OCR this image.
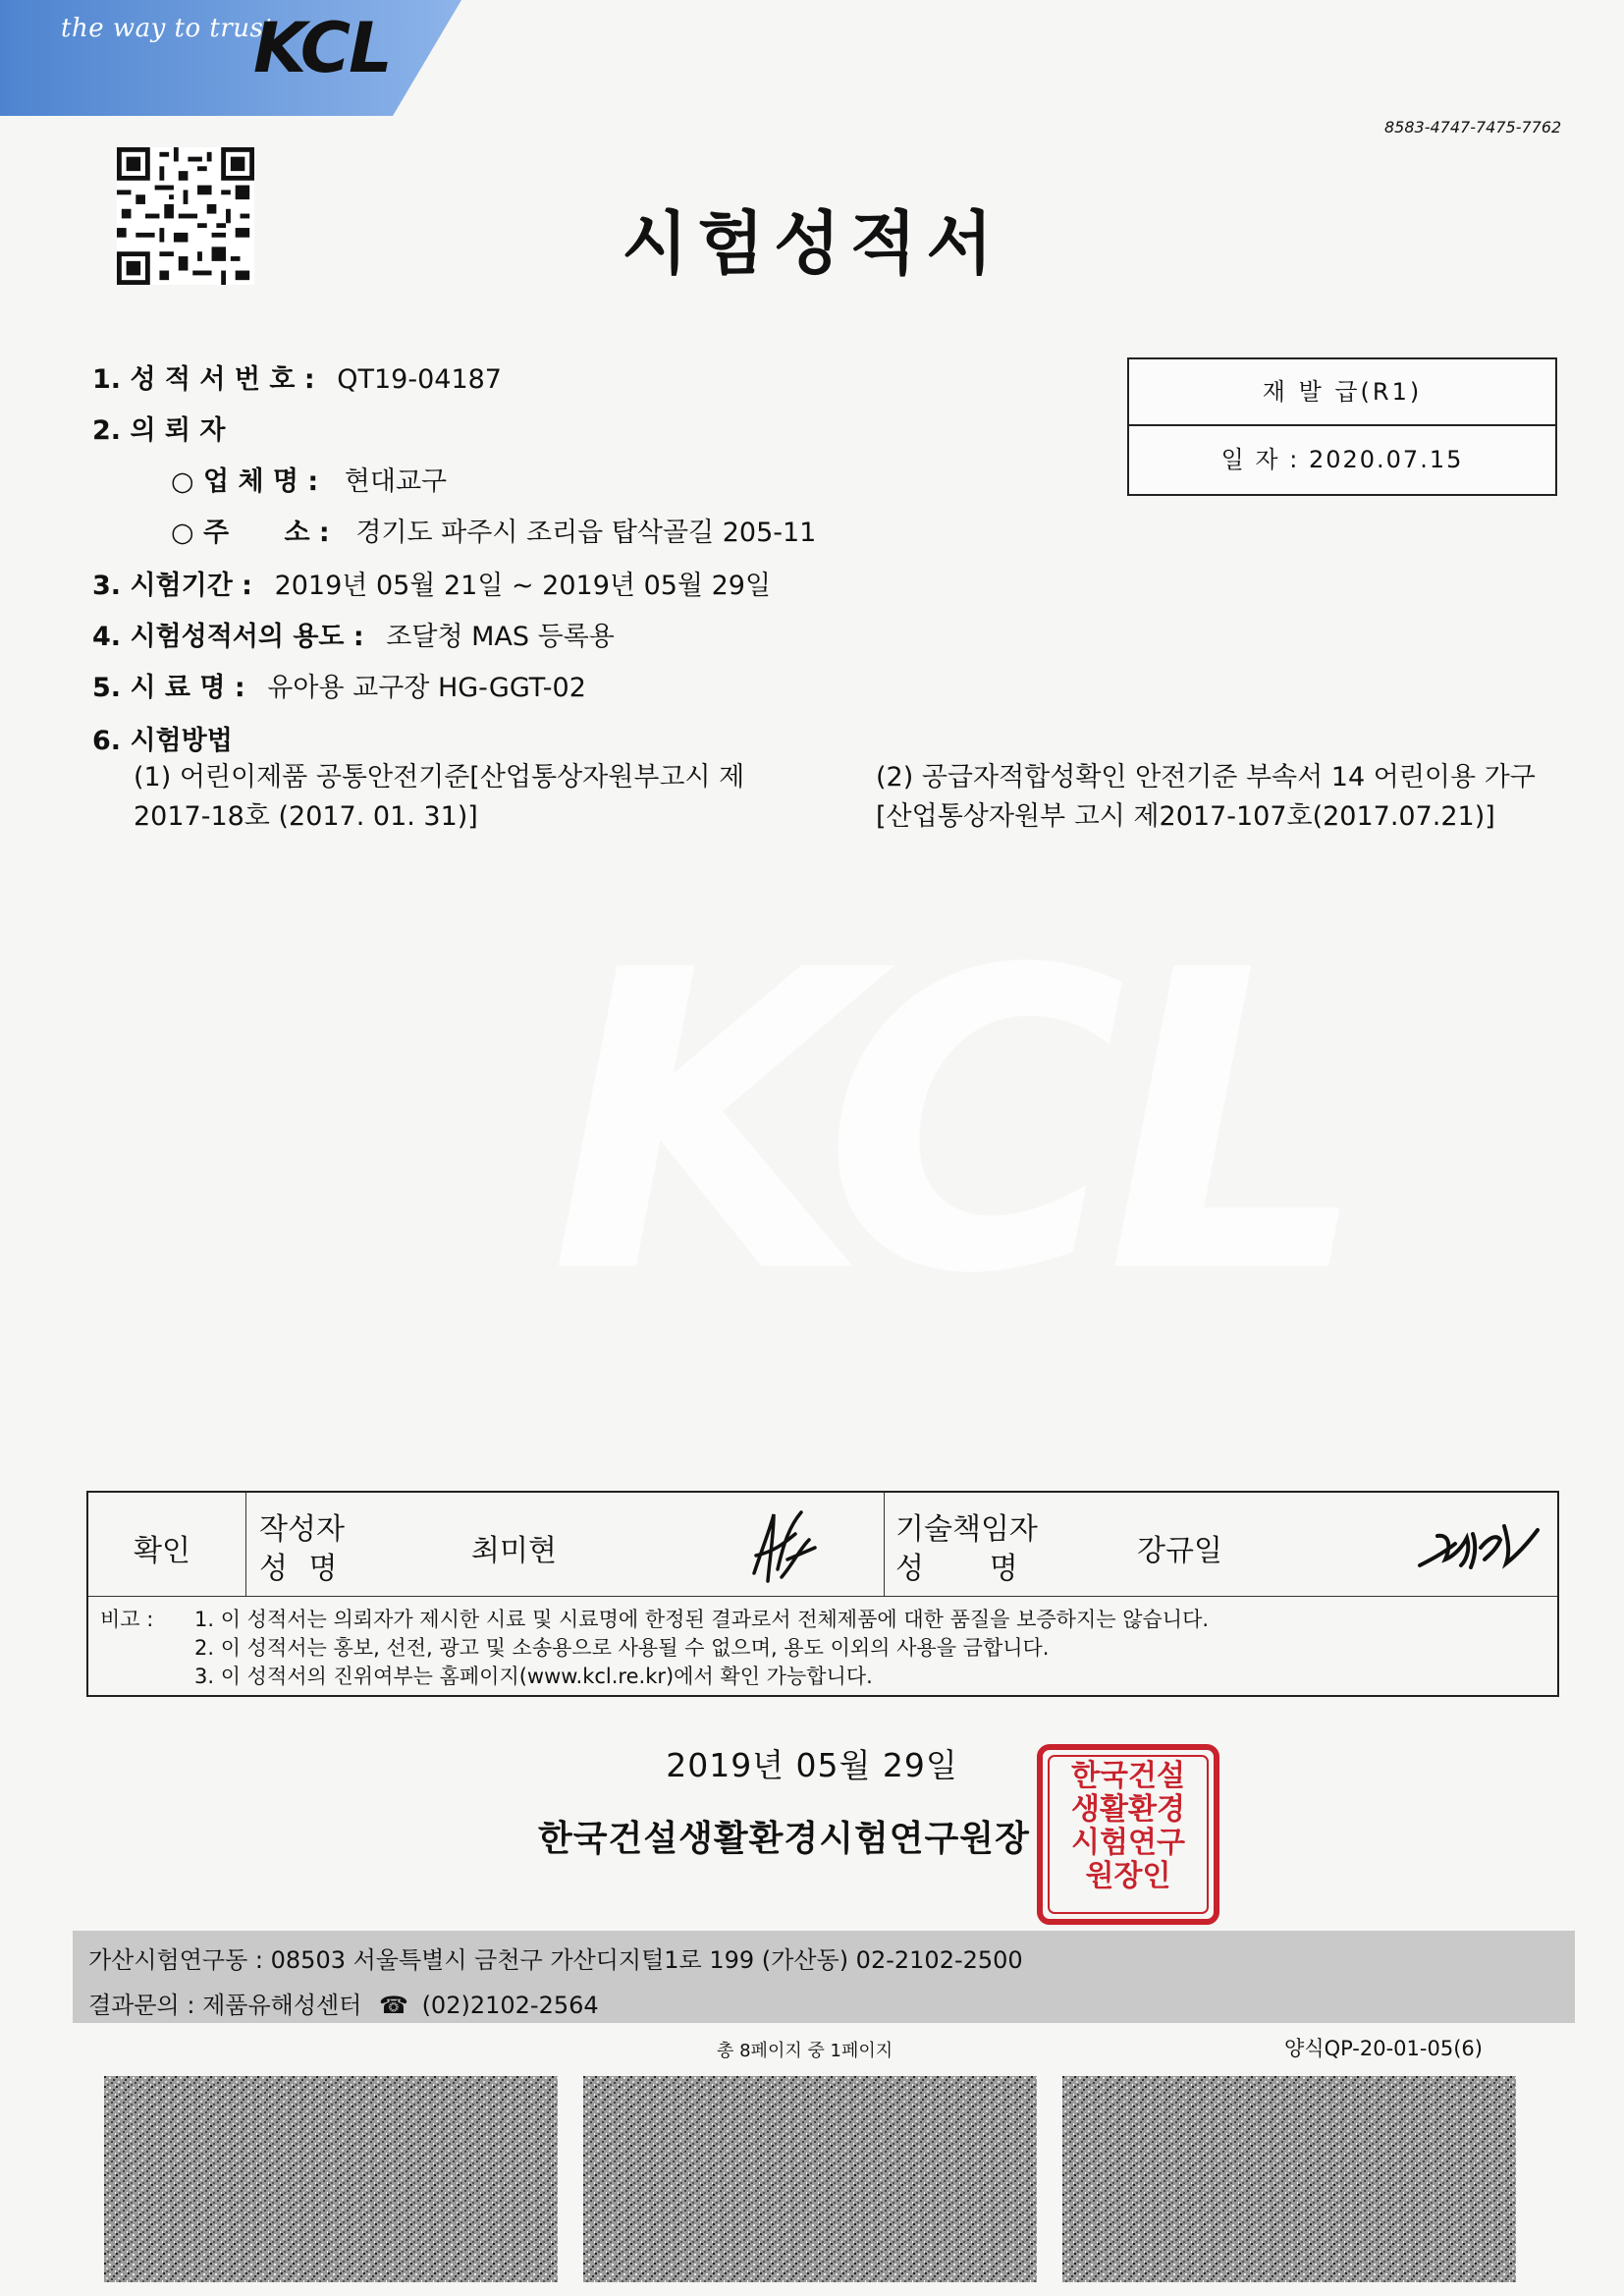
the way to trust
KCL
8583-4747-7475-7762
KCL
시험성적서
1. 성 적 서 번 호 : QT19-04187
2. 의 뢰 자
○ 업 체 명 : 현대교구
○ 주      소 : 경기도 파주시 조리읍 탑삭골길 205-11
3. 시험기간 : 2019년 05월 21일 ~ 2019년 05월 29일
4. 시험성적서의 용도 : 조달청 MAS 등록용
5. 시 료 명 : 유아용 교구장 HG-GGT-02
6. 시험방법
(1) 어린이제품 공통안전기준[산업통상자원부고시 제2017-18호 (2017. 01. 31)]
(2) 공급자적합성확인 안전기준 부속서 14 어린이용 가구[산업통상자원부 고시 제2017-107호(2017.07.21)]
재 발 급(R1)
일 자 : 2020.07.15
확인
작성자
성 명
최미현
기술책임자
성       명
강규일
비고 : 1. 이 성적서는 의뢰자가 제시한 시료 및 시료명에 한정된 결과로서 전체제품에 대한 품질을 보증하지는 않습니다.
2. 이 성적서는 홍보, 선전, 광고 및 소송용으로 사용될 수 없으며, 용도 이외의 사용을 금합니다.
3. 이 성적서의 진위여부는 홈페이지(www.kcl.re.kr)에서 확인 가능합니다.
2019년 05월 29일
한국건설생활환경시험연구원장
한국건설
생활환경
시험연구
원장인
가산시험연구동 : 08503 서울특별시 금천구 가산디지털1로 199 (가산동) 02-2102-2500
결과문의 : 제품유해성센터 ☎ (02)2102-2564
총 8페이지 중 1페이지	양식QP-20-01-05(6)
